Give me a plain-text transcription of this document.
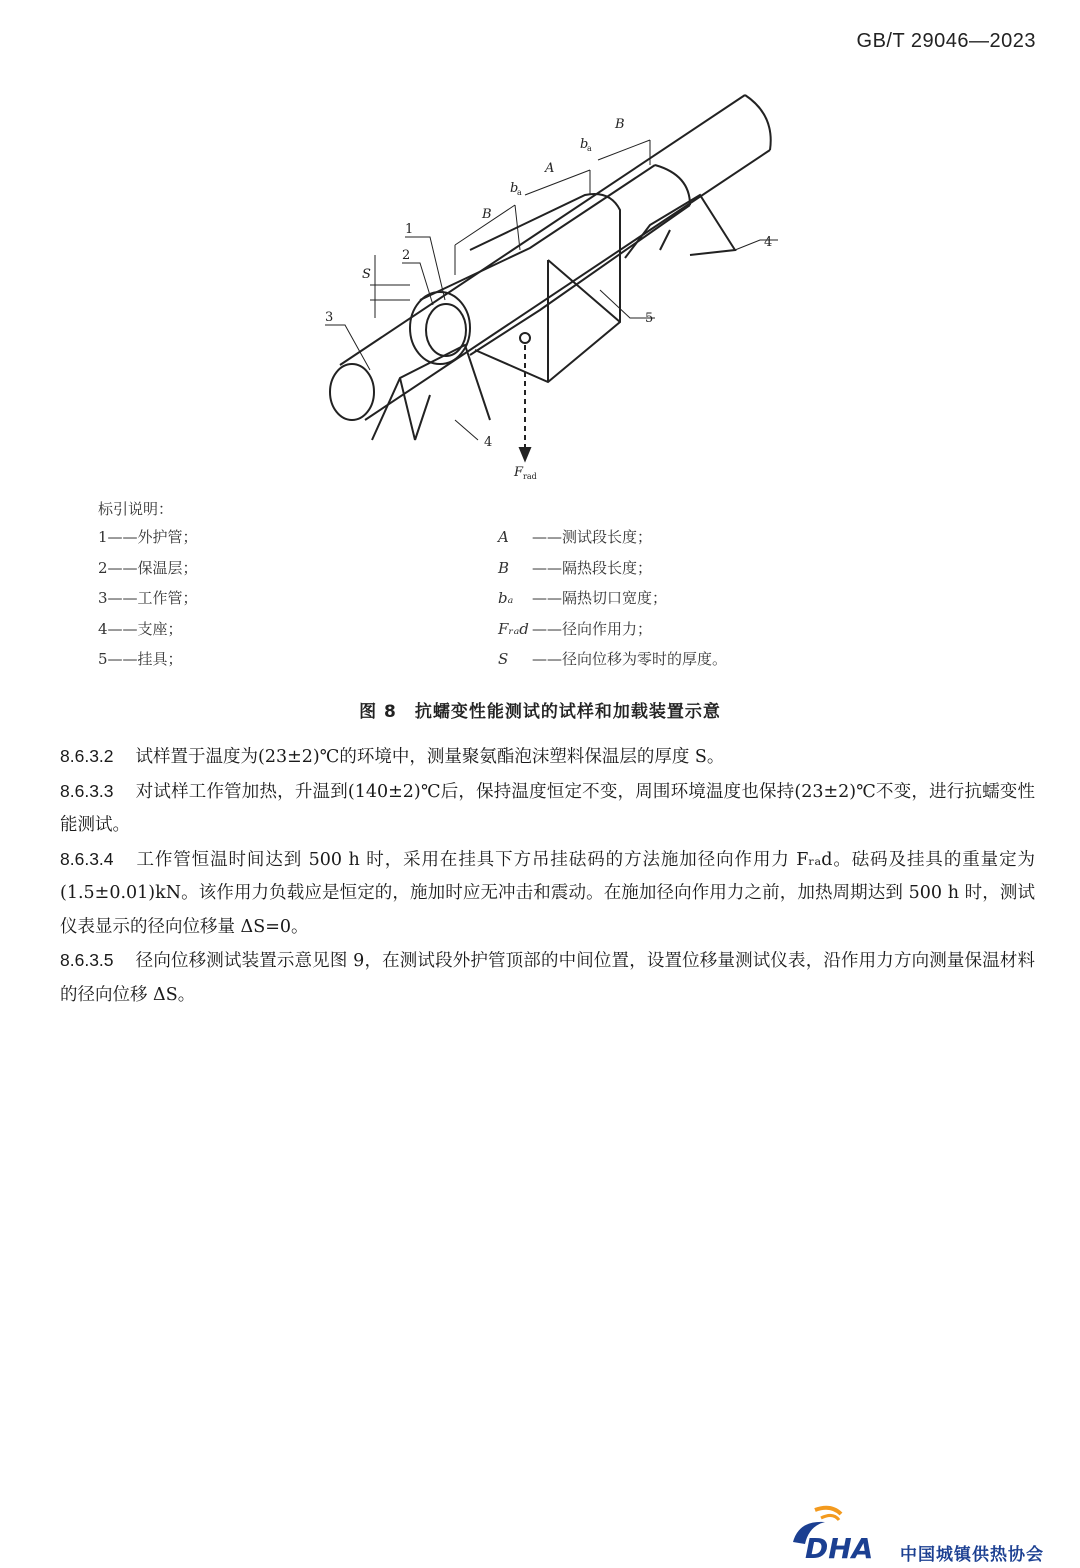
GB/T 29046—2023
1
2
3
4
4
5
B
b
A
b
B
S
F
a
a
rad
标引说明：
1——外护管；
2——保温层；
3——工作管；
4——支座；
5——挂具；
A ——测试段长度；
B ——隔热段长度；
bₐ ——隔热切口宽度；
Fᵣₐd ——径向作用力；
S ——径向位移为零时的厚度。
图 8　抗蠕变性能测试的试样和加载装置示意

8.6.3.2 试样置于温度为(23±2)℃的环境中，测量聚氨酯泡沫塑料保温层的厚度 S。

8.6.3.3 对试样工作管加热，升温到(140±2)℃后，保持温度恒定不变，周围环境温度也保持(23±2)℃不变，进行抗蠕变性能测试。

8.6.3.4 工作管恒温时间达到 500 h 时，采用在挂具下方吊挂砝码的方法施加径向作用力 Fᵣₐd。砝码及挂具的重量定为(1.5±0.01)kN。该作用力负载应是恒定的，施加时应无冲击和震动。在施加径向作用力之前，加热周期达到 500 h 时，测试仪表显示的径向位移量 ΔS=0。

8.6.3.5 径向位移测试装置示意见图 9，在测试段外护管顶部的中间位置，设置位移量测试仪表，沿作用力方向测量保温材料的径向位移 ΔS。

DHA 中国城镇供热协会
